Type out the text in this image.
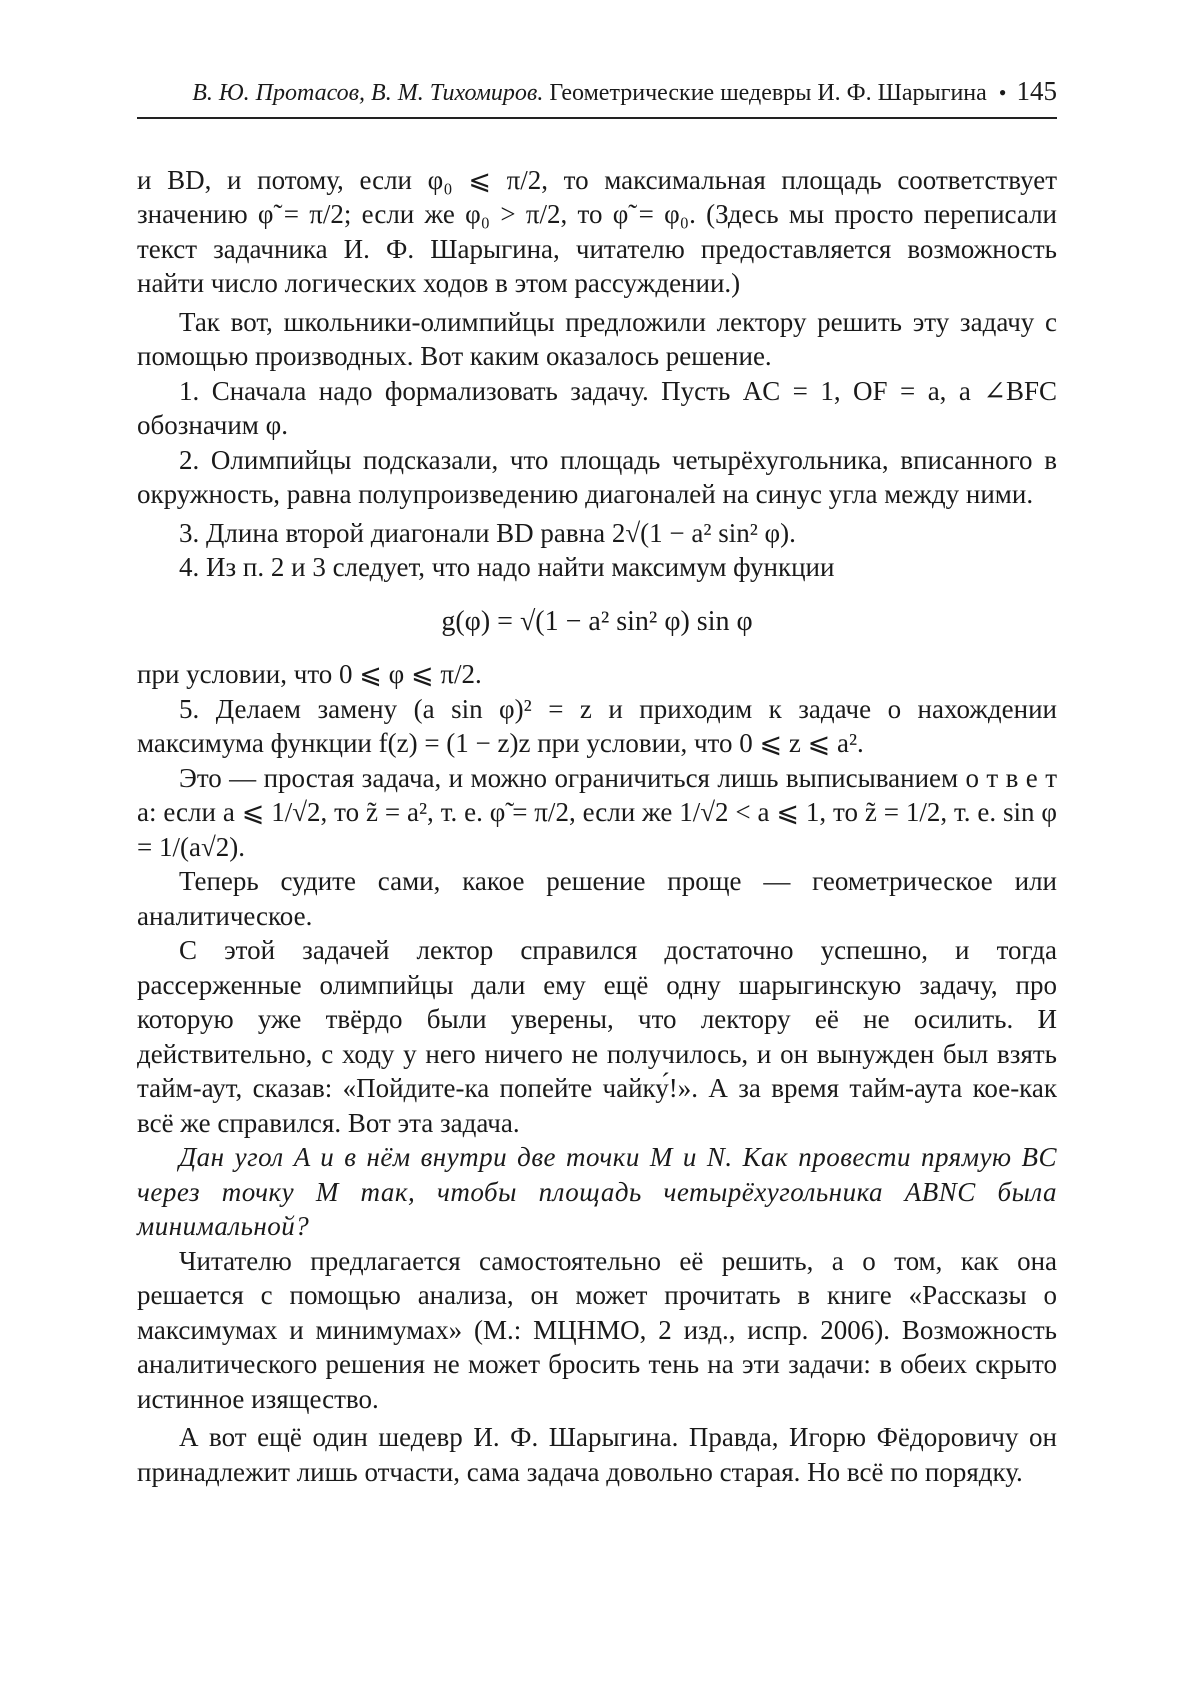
В. Ю. Протасов, В. М. Тихомиров.
Геометрические шедевры И. Ф. Шарыгина • 145

и BD, и потому, если φ₀ ⩽ π/2, то максимальная площадь соответствует значению φ̃ = π/2; если же φ₀ > π/2, то φ̃ = φ₀. (Здесь мы просто переписали текст задачника И. Ф. Шарыгина, читателю предоставляется возможность найти число логических ходов в этом рассуждении.)

Так вот, школьники-олимпийцы предложили лектору решить эту задачу с помощью производных. Вот каким оказалось решение.

1. Сначала надо формализовать задачу. Пусть AC = 1, OF = a, а ∠BFC обозначим φ.

2. Олимпийцы подсказали, что площадь четырёхугольника, вписанного в окружность, равна полупроизведению диагоналей на синус угла между ними.

3. Длина второй диагонали BD равна 2√(1 − a² sin² φ).

4. Из п. 2 и 3 следует, что надо найти максимум функции

g(φ) = √(1 − a² sin² φ) sin φ

при условии, что 0 ⩽ φ ⩽ π/2.

5. Делаем замену (a sin φ)² = z и приходим к задаче о нахождении максимума функции f(z) = (1 − z)z при условии, что 0 ⩽ z ⩽ a².

Это — простая задача, и можно ограничиться лишь выписыванием о т в е т а: если a ⩽ 1/√2, то z̃ = a², т. е. φ̃ = π/2, если же 1/√2 < a ⩽ 1, то z̃ = 1/2, т. е. sin φ = 1/(a√2).

Теперь судите сами, какое решение проще — геометрическое или аналитическое.

С этой задачей лектор справился достаточно успешно, и тогда рассерженные олимпийцы дали ему ещё одну шарыгинскую задачу, про которую уже твёрдо были уверены, что лектору её не осилить. И действительно, с ходу у него ничего не получилось, и он вынужден был взять тайм-аут, сказав: «Пойдите-ка попейте чайку́!». А за время тайм-аута кое-как всё же справился. Вот эта задача.

Дан угол A и в нём внутри две точки M и N. Как провести прямую BC через точку M так, чтобы площадь четырёхугольника ABNC была минимальной?

Читателю предлагается самостоятельно её решить, а о том, как она решается с помощью анализа, он может прочитать в книге «Рассказы о максимумах и минимумах» (М.: МЦНМО, 2 изд., испр. 2006). Возможность аналитического решения не может бросить тень на эти задачи: в обеих скрыто истинное изящество.

А вот ещё один шедевр И. Ф. Шарыгина. Правда, Игорю Фёдоровичу он принадлежит лишь отчасти, сама задача довольно старая. Но всё по порядку.
